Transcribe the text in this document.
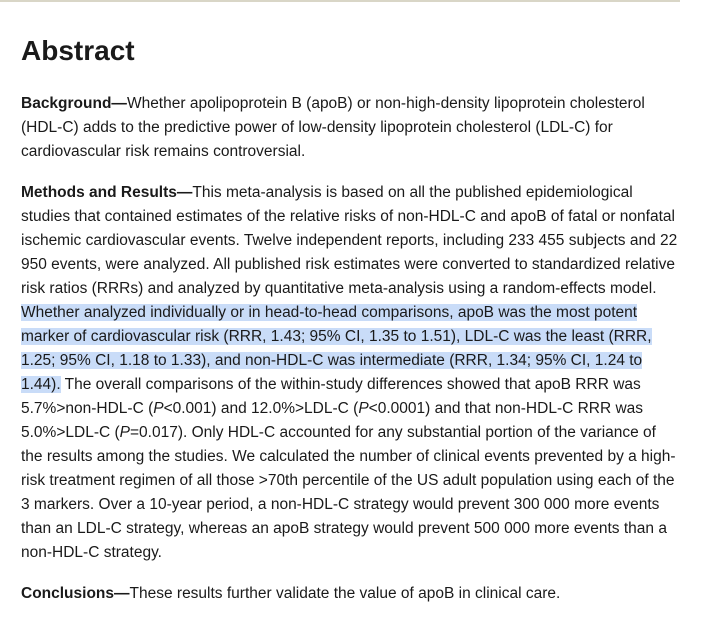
Abstract

Background—Whether apolipoprotein B (apoB) or non-high-density lipoprotein cholesterol (HDL-C) adds to the predictive power of low-density lipoprotein cholesterol (LDL-C) for cardiovascular risk remains controversial.

Methods and Results—This meta-analysis is based on all the published epidemiological studies that contained estimates of the relative risks of non-HDL-C and apoB of fatal or nonfatal ischemic cardiovascular events. Twelve independent reports, including 233 455 subjects and 22 950 events, were analyzed. All published risk estimates were converted to standardized relative risk ratios (RRRs) and analyzed by quantitative meta-analysis using a random-effects model. Whether analyzed individually or in head-to-head comparisons, apoB was the most potent marker of cardiovascular risk (RRR, 1.43; 95% CI, 1.35 to 1.51), LDL-C was the least (RRR, 1.25; 95% CI, 1.18 to 1.33), and non-HDL-C was intermediate (RRR, 1.34; 95% CI, 1.24 to 1.44). The overall comparisons of the within-study differences showed that apoB RRR was 5.7%>non-HDL-C (P<0.001) and 12.0%>LDL-C (P<0.0001) and that non-HDL-C RRR was 5.0%>LDL-C (P=0.017). Only HDL-C accounted for any substantial portion of the variance of the results among the studies. We calculated the number of clinical events prevented by a high-risk treatment regimen of all those >70th percentile of the US adult population using each of the 3 markers. Over a 10-year period, a non-HDL-C strategy would prevent 300 000 more events than an LDL-C strategy, whereas an apoB strategy would prevent 500 000 more events than a non-HDL-C strategy.

Conclusions—These results further validate the value of apoB in clinical care.
